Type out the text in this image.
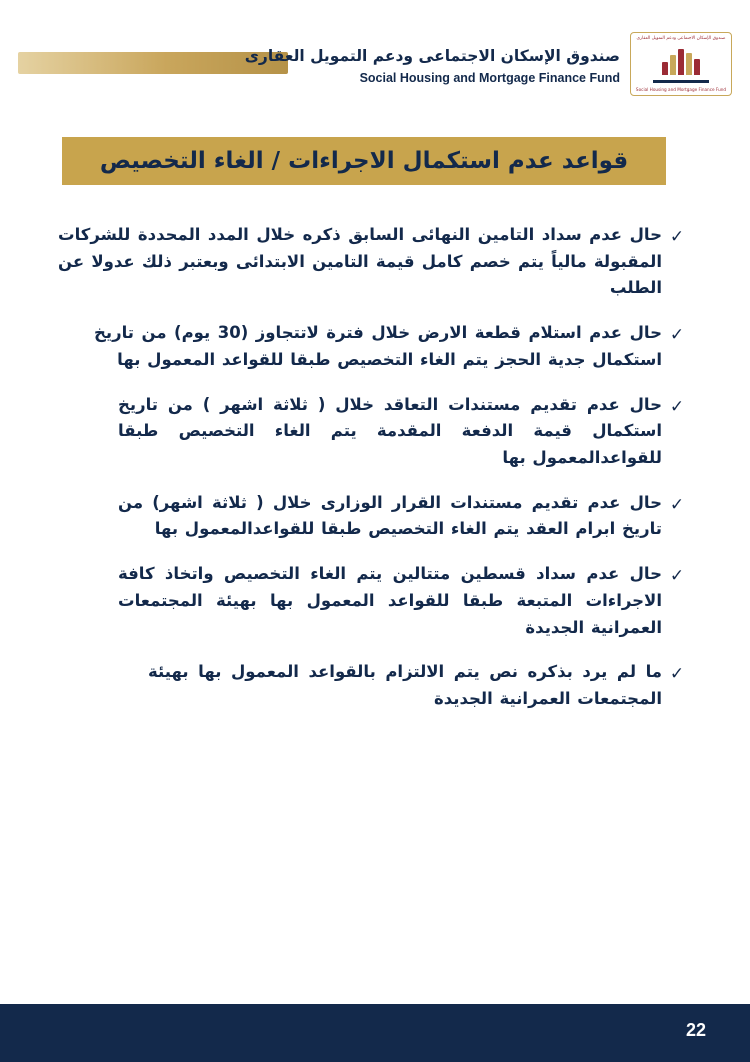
صندوق الإسكان الاجتماعى ودعم التمويل العقارى
Social Housing and Mortgage Finance Fund
صندوق الإسكان الاجتماعى ودعم التمويل العقارى
Social Housing and Mortgage Finance Fund
قواعد عدم استكمال الاجراءات / الغاء التخصيص
✓
حال عدم سداد التامين النهائى السابق ذكره خلال المدد المحددة للشركات المقبولة مالياً يتم خصم كامل قيمة التامين الابتدائى وبعتبر ذلك عدولا عن الطلب
✓
حال عدم استلام قطعة الارض خلال فترة لاتتجاوز (30 يوم) من تاريخ استكمال جدية الحجز يتم الغاء التخصيص طبقا للقواعد المعمول بها
✓
حال عدم تقديم مستندات التعاقد خلال ( ثلاثة اشهر ) من تاريخ استكمال قيمة الدفعة المقدمة يتم الغاء التخصيص طبقا للقواعدالمعمول بها
✓
حال عدم تقديم مستندات القرار الوزارى خلال ( ثلاثة اشهر) من تاريخ ابرام العقد يتم الغاء التخصيص طبقا للقواعدالمعمول بها
✓
حال عدم سداد قسطين متتالين يتم الغاء التخصيص واتخاذ كافة الاجراءات المتبعة طبقا للقواعد المعمول بها بهيئة المجتمعات العمرانية الجديدة
✓
ما لم يرد بذكره نص يتم الالتزام بالقواعد المعمول بها بهيئة المجتمعات العمرانية الجديدة
22
